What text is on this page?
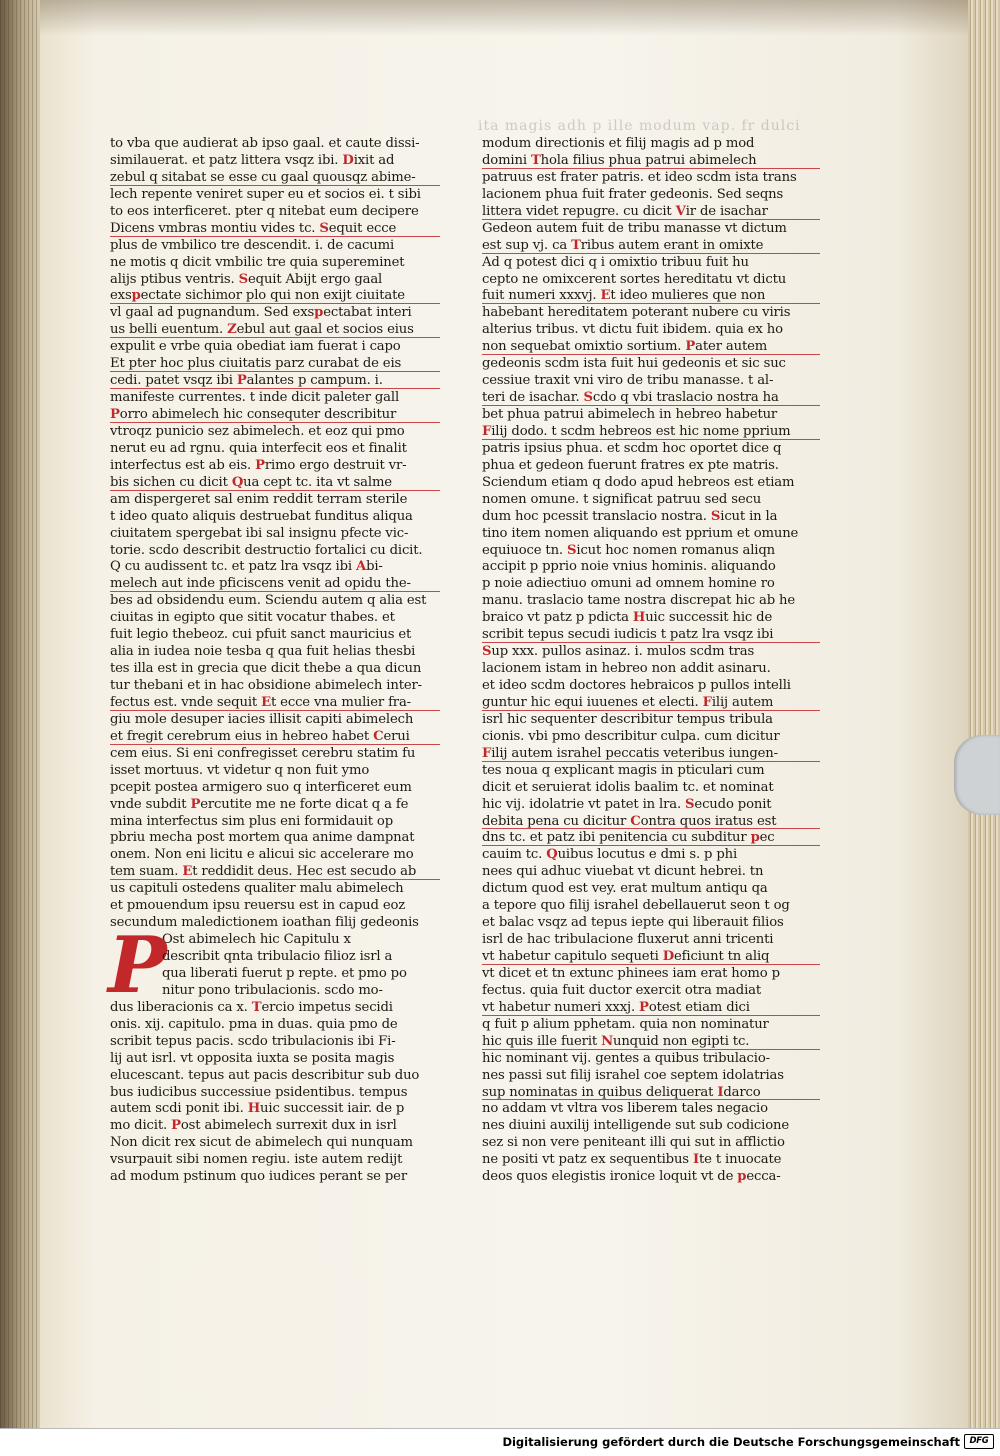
ita magis adh p ille modum vap. fr dulci
to vba que audierat ab ipso gaal. et caute dissi-
similauerat. et patz littera vsqz ibi. Dixit ad
zebul q sitabat se esse cu gaal quousqz abime-
lech repente veniret super eu et socios ei. t sibi
to eos interficeret. pter q nitebat eum decipere
Dicens vmbras montiu vides tc. Sequit ecce
plus de vmbilico tre descendit. i. de cacumi
ne motis q dicit vmbilic tre quia supereminet
alijs ptibus ventris. Sequit Abijt ergo gaal
exspectate sichimor plo qui non exijt ciuitate
vl gaal ad pugnandum. Sed exspectabat interi
us belli euentum. Zebul aut gaal et socios eius
expulit e vrbe quia obediat iam fuerat i capo
Et pter hoc plus ciuitatis parz curabat de eis
cedi. patet vsqz ibi Palantes p campum. i.
manifeste currentes. t inde dicit paleter gall
Porro abimelech hic consequter describitur
vtroqz punicio sez abimelech. et eoz qui pmo
nerut eu ad rgnu. quia interfecit eos et finalit
interfectus est ab eis. Primo ergo destruit vr-
bis sichen cu dicit Qua cept tc. ita vt salme
am dispergeret sal enim reddit terram sterile
t ideo quato aliquis destruebat funditus aliqua
ciuitatem spergebat ibi sal insignu pfecte vic-
torie. scdo describit destructio fortalici cu dicit.
Q cu audissent tc. et patz lra vsqz ibi Abi-
melech aut inde pficiscens venit ad opidu the-
bes ad obsidendu eum. Sciendu autem q alia est
ciuitas in egipto que sitit vocatur thabes. et
fuit legio thebeoz. cui pfuit sanct mauricius et
alia in iudea noie tesba q qua fuit helias thesbi
tes illa est in grecia que dicit thebe a qua dicun
tur thebani et in hac obsidione abimelech inter-
fectus est. vnde sequit Et ecce vna mulier fra-
giu mole desuper iacies illisit capiti abimelech
et fregit cerebrum eius in hebreo habet Cerui
cem eius. Si eni confregisset cerebru statim fu
isset mortuus. vt videtur q non fuit ymo
pcepit postea armigero suo q interficeret eum
vnde subdit Percutite me ne forte dicat q a fe
mina interfectus sim plus eni formidauit op
pbriu mecha post mortem qua anime dampnat
onem. Non eni licitu e alicui sic accelerare mo
tem suam. Et reddidit deus. Hec est secudo ab
us capituli ostedens qualiter malu abimelech
et pmouendum ipsu reuersu est in capud eoz
secundum maledictionem ioathan filij gedeonis
Ost abimelech hic Capitulu x
P
describit qnta tribulacio filioz isrl a
qua liberati fuerut p repte. et pmo po
nitur pono tribulacionis. scdo mo-
dus liberacionis ca x. Tercio impetus secidi
onis. xij. capitulo. pma in duas. quia pmo de
scribit tepus pacis. scdo tribulacionis ibi Fi-
lij aut isrl. vt opposita iuxta se posita magis
elucescant. tepus aut pacis describitur sub duo
bus iudicibus successiue psidentibus. tempus
autem scdi ponit ibi. Huic successit iair. de p
mo dicit. Post abimelech surrexit dux in isrl
Non dicit rex sicut de abimelech qui nunquam
vsurpauit sibi nomen regiu. iste autem redijt
ad modum pstinum quo iudices perant se per
modum directionis et filij magis ad p mod
domini Thola filius phua patrui abimelech
patruus est frater patris. et ideo scdm ista trans
lacionem phua fuit frater gedeonis. Sed seqns
littera videt repugre. cu dicit Vir de isachar
Gedeon autem fuit de tribu manasse vt dictum
est sup vj. ca Tribus autem erant in omixte
Ad q potest dici q i omixtio tribuu fuit hu
cepto ne omixcerent sortes hereditatu vt dictu
fuit numeri xxxvj. Et ideo mulieres que non
habebant hereditatem poterant nubere cu viris
alterius tribus. vt dictu fuit ibidem. quia ex ho
non sequebat omixtio sortium. Pater autem
gedeonis scdm ista fuit hui gedeonis et sic suc
cessiue traxit vni viro de tribu manasse. t al-
teri de isachar. Scdo q vbi traslacio nostra ha
bet phua patrui abimelech in hebreo habetur
Filij dodo. t scdm hebreos est hic nome pprium
patris ipsius phua. et scdm hoc oportet dice q
phua et gedeon fuerunt fratres ex pte matris.
Sciendum etiam q dodo apud hebreos est etiam
nomen omune. t significat patruu sed secu
dum hoc pcessit translacio nostra. Sicut in la
tino item nomen aliquando est pprium et omune
equiuoce tn. Sicut hoc nomen romanus aliqn
accipit p pprio noie vnius hominis. aliquando
p noie adiectiuo omuni ad omnem homine ro
manu. traslacio tame nostra discrepat hic ab he
braico vt patz p pdicta Huic successit hic de
scribit tepus secudi iudicis t patz lra vsqz ibi
Sup xxx. pullos asinaz. i. mulos scdm tras
lacionem istam in hebreo non addit asinaru.
et ideo scdm doctores hebraicos p pullos intelli
guntur hic equi iuuenes et electi. Filij autem
isrl hic sequenter describitur tempus tribula
cionis. vbi pmo describitur culpa. cum dicitur
Filij autem israhel peccatis veteribus iungen-
tes noua q explicant magis in pticulari cum
dicit et seruierat idolis baalim tc. et nominat
hic vij. idolatrie vt patet in lra. Secudo ponit
debita pena cu dicitur Contra quos iratus est
dns tc. et patz ibi penitencia cu subditur pec
cauim tc. Quibus locutus e dmi s. p phi
nees qui adhuc viuebat vt dicunt hebrei. tn
dictum quod est vey. erat multum antiqu qa
a tepore quo filij israhel debellauerut seon t og
et balac vsqz ad tepus iepte qui liberauit filios
isrl de hac tribulacione fluxerut anni tricenti
vt habetur capitulo sequeti Deficiunt tn aliq
vt dicet et tn extunc phinees iam erat homo p
fectus. quia fuit ductor exercit otra madiat
vt habetur numeri xxxj. Potest etiam dici
q fuit p alium pphetam. quia non nominatur
hic quis ille fuerit Nunquid non egipti tc.
hic nominant vij. gentes a quibus tribulacio-
nes passi sut filij israhel coe septem idolatrias
sup nominatas in quibus deliquerat Idarco
no addam vt vltra vos liberem tales negacio
nes diuini auxilij intelligende sut sub codicione
sez si non vere peniteant illi qui sut in afflictio
ne positi vt patz ex sequentibus Ite t inuocate
deos quos elegistis ironice loquit vt de pecca-
Digitalisierung gefördert durch die Deutsche Forschungsgemeinschaft	DFG
